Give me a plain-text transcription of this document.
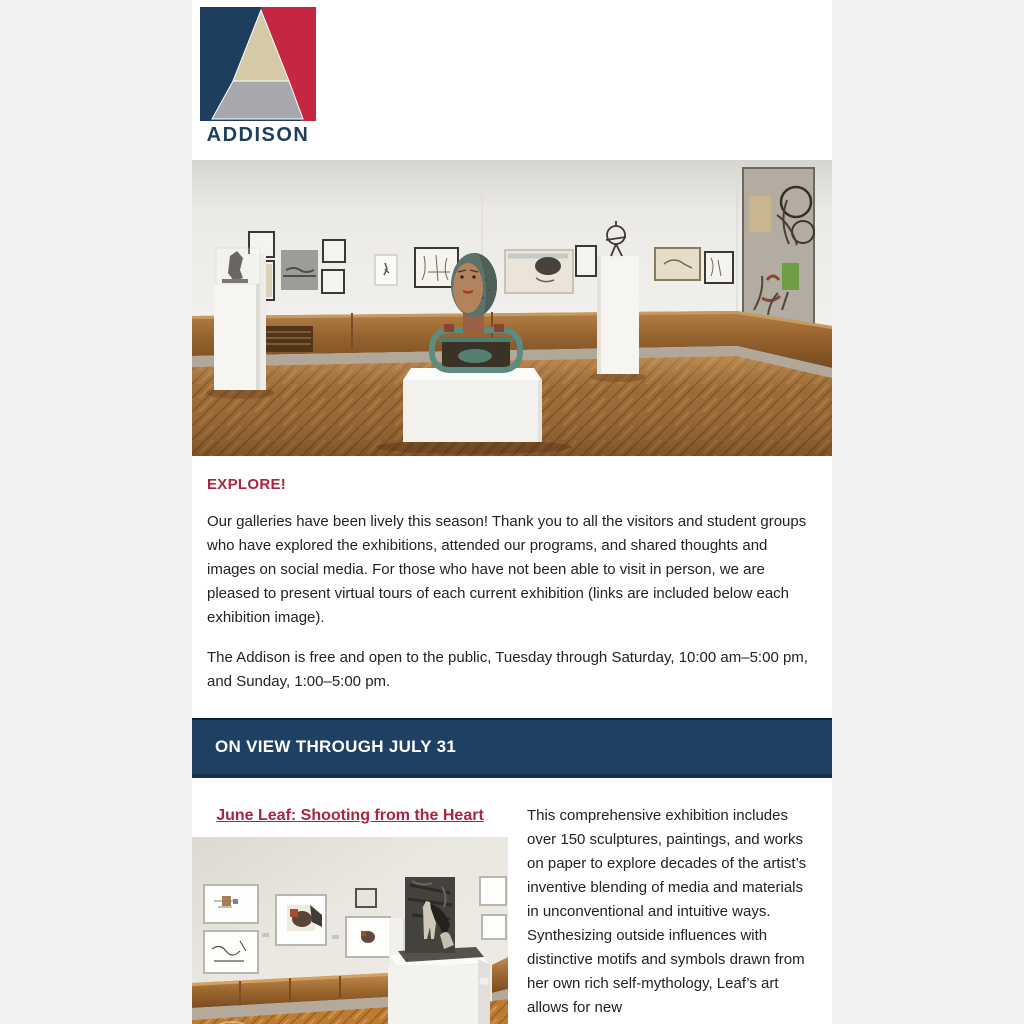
ADDISON
EXPLORE!

Our galleries have been lively this season! Thank you to all the visitors and student groups who have explored the exhibitions, attended our programs, and shared thoughts and images on social media. For those who have not been able to visit in person, we are pleased to present virtual tours of each current exhibition (links are included below each exhibition image).

The Addison is free and open to the public, Tuesday through Saturday, 10:00 am–5:00 pm, and Sunday, 1:00–5:00 pm.

ON VIEW THROUGH JULY 31
June Leaf: Shooting from the Heart	This comprehensive exhibition includes over 150 sculptures, paintings, and works on paper to explore decades of the artist’s inventive blending of media and materials in unconventional and intuitive ways. Synthesizing outside influences with distinctive motifs and symbols drawn from her own rich self-mythology, Leaf’s art allows for new
